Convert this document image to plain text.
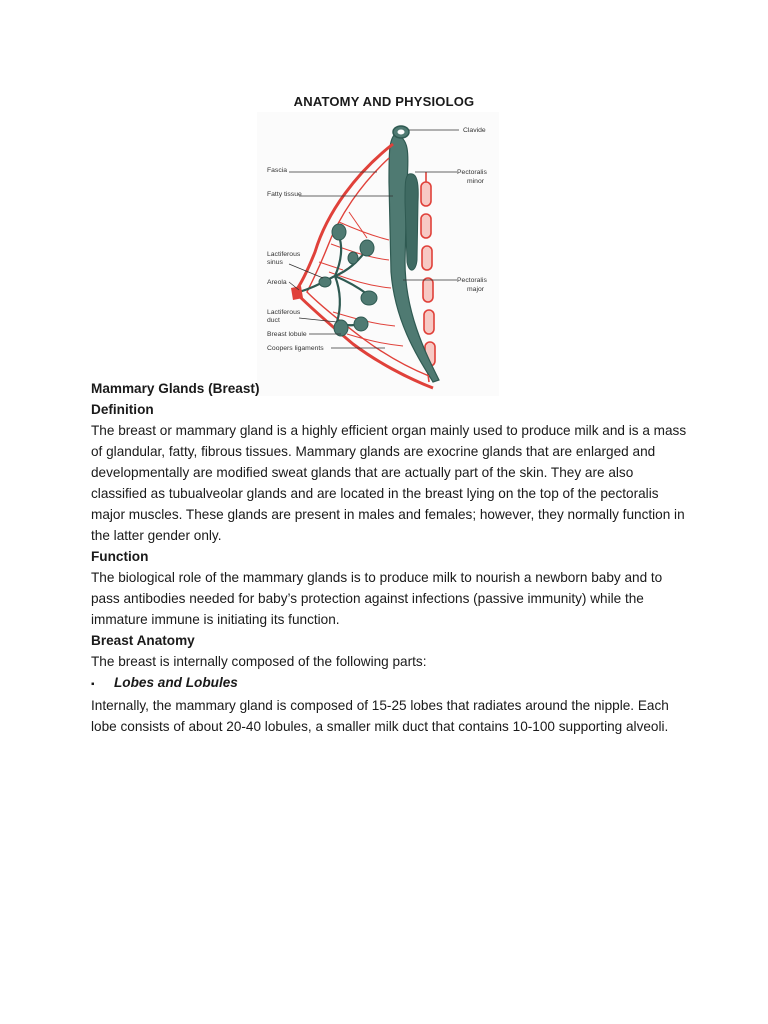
ANATOMY AND PHYSIOLOG
Clavide
Fascia
Fatty tissue
Pectoralis
minor
Lactiferous
sinus
Areola	Pectoralis
major
Lactiferous
duct
Breast lobule
Coopers ligaments

Mammary Glands (Breast)

Definition

The breast or mammary gland is a highly efficient organ mainly used to produce milk and is a mass of glandular, fatty, fibrous tissues. Mammary glands are exocrine glands that are enlarged and developmentally are modified sweat glands that are actually part of the skin. They are also classified as tubualveolar glands and are located in the breast lying on the top of the pectoralis major muscles. These glands are present in males and females; however, they normally function in the latter gender only.

Function

The biological role of the mammary glands is to produce milk to nourish a newborn baby and to pass antibodies needed for baby’s protection against infections (passive immunity) while the immature immune is initiating its function.

Breast Anatomy

The breast is internally composed of the following parts:

▪	Lobes and Lobules

Internally, the mammary gland is composed of 15-25 lobes that radiates around the nipple. Each lobe consists of about 20-40 lobules, a smaller milk duct that contains 10-100 supporting alveoli.
